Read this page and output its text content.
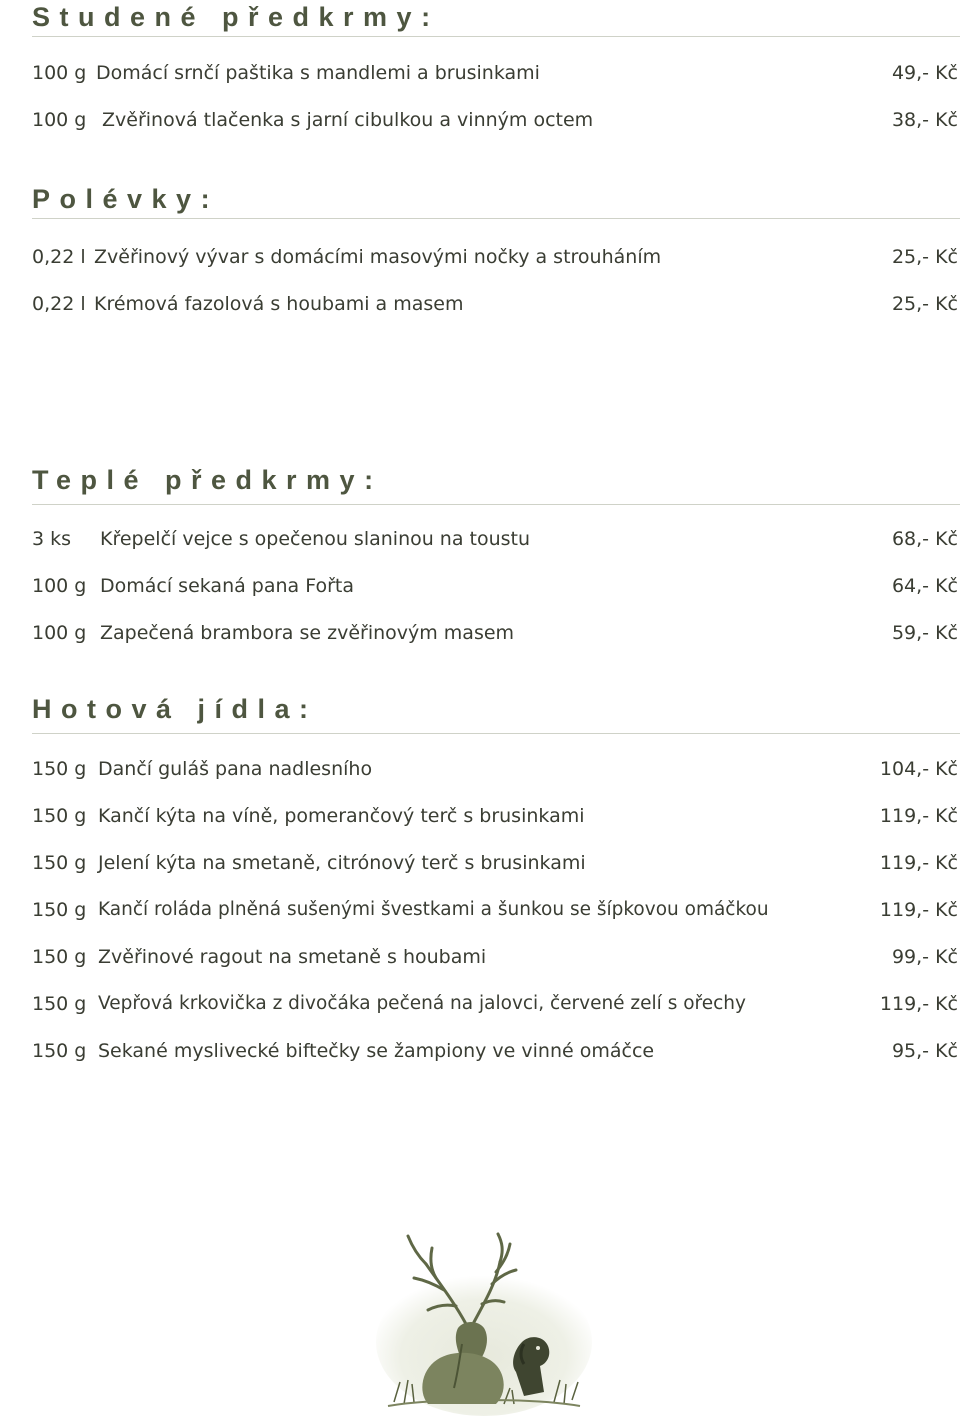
Studené předkrmy:
100 g Domácí srnčí paštika s mandlemi a brusinkami	49,- Kč
100 g Zvěřinová tlačenka s jarní cibulkou a vinným octem	38,- Kč
Polévky:
0,22 l Zvěřinový vývar s domácími masovými nočky a strouháním	25,- Kč
0,22 l Krémová fazolová s houbami a masem	25,- Kč
Teplé předkrmy:
3 ks Křepelčí vejce s opečenou slaninou na toustu	68,- Kč
100 g Domácí sekaná pana Fořta	64,- Kč
100 g Zapečená brambora se zvěřinovým masem	59,- Kč
Hotová jídla:
150 g Dančí guláš pana nadlesního	104,- Kč
150 g Kančí kýta na víně, pomerančový terč s brusinkami	119,- Kč
150 g Jelení kýta na smetaně, citrónový terč s brusinkami	119,- Kč
150 g Kančí roláda plněná sušenými švestkami a šunkou se šípkovou omáčkou	119,- Kč
150 g Zvěřinové ragout na smetaně s houbami	99,- Kč
150 g Vepřová krkovička z divočáka pečená na jalovci, červené zelí s ořechy	119,- Kč
150 g Sekané myslivecké biftečky se žampiony ve vinné omáčce	95,- Kč
